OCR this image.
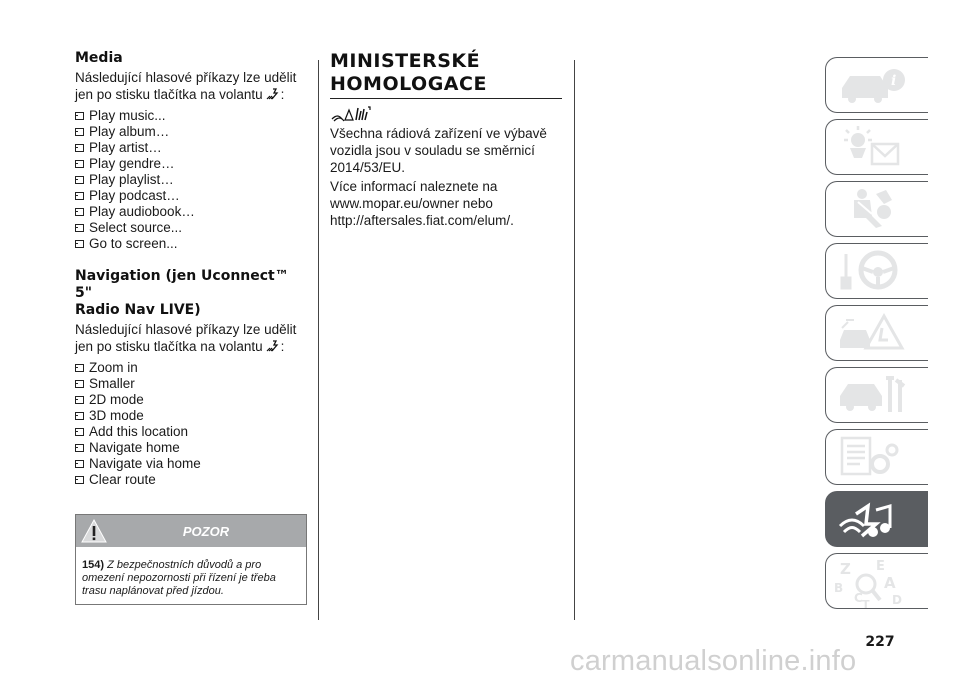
Media

Následující hlasové příkazy lze udělit jen po stisku tlačítka na volantu :

Play music...
Play album…
Play artist…
Play gendre…
Play playlist…
Play podcast…
Play audiobook…
Select source...
Go to screen...
Navigation (jen Uconnect™ 5"
Radio Nav LIVE)

Následující hlasové příkazy lze udělit jen po stisku tlačítka na volantu :

Zoom in
Smaller
2D mode
3D mode
Add this location
Navigate home
Navigate via home
Clear route
POZOR
154) Z bezpečnostních důvodů a pro omezení nepozornosti při řízení je třeba trasu naplánovat před jízdou.
MINISTERSKÉ
HOMOLOGACE

Všechna rádiová zařízení ve výbavě vozidla jsou v souladu se směrnicí 2014/53/EU.

Více informací naleznete na www.mopar.eu/owner nebo http://aftersales.fiat.com/elum/.

i
Z E
B	A
C D
T
227
carmanualsonline.info
